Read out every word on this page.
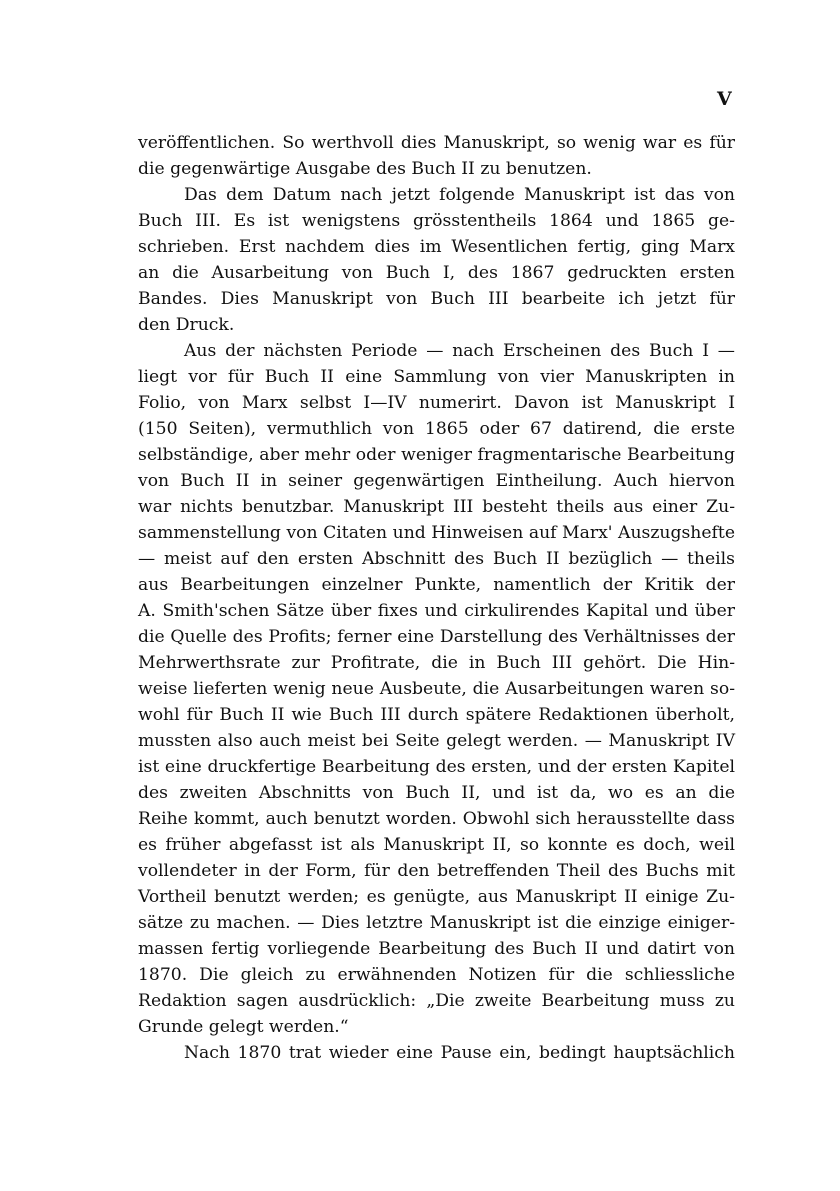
V
veröffentlichen. So werthvoll dies Manuskript, so wenig war es für
die gegenwärtige Ausgabe des Buch II zu benutzen.
Das dem Datum nach jetzt folgende Manuskript ist das von
Buch III. Es ist wenigstens grösstentheils 1864 und 1865 ge-
schrieben. Erst nachdem dies im Wesentlichen fertig, ging Marx
an die Ausarbeitung von Buch I, des 1867 gedruckten ersten
Bandes. Dies Manuskript von Buch III bearbeite ich jetzt für
den Druck.
Aus der nächsten Periode — nach Erscheinen des Buch I —
liegt vor für Buch II eine Sammlung von vier Manuskripten in
Folio, von Marx selbst I—IV numerirt. Davon ist Manuskript I
(150 Seiten), vermuthlich von 1865 oder 67 datirend, die erste
selbständige, aber mehr oder weniger fragmentarische Bearbeitung
von Buch II in seiner gegenwärtigen Eintheilung. Auch hiervon
war nichts benutzbar. Manuskript III besteht theils aus einer Zu-
sammenstellung von Citaten und Hinweisen auf Marx' Auszugshefte
— meist auf den ersten Abschnitt des Buch II bezüglich — theils
aus Bearbeitungen einzelner Punkte, namentlich der Kritik der
A. Smith'schen Sätze über fixes und cirkulirendes Kapital und über
die Quelle des Profits; ferner eine Darstellung des Verhältnisses der
Mehrwerthsrate zur Profitrate, die in Buch III gehört. Die Hin-
weise lieferten wenig neue Ausbeute, die Ausarbeitungen waren so-
wohl für Buch II wie Buch III durch spätere Redaktionen überholt,
mussten also auch meist bei Seite gelegt werden. — Manuskript IV
ist eine druckfertige Bearbeitung des ersten, und der ersten Kapitel
des zweiten Abschnitts von Buch II, und ist da, wo es an die
Reihe kommt, auch benutzt worden. Obwohl sich herausstellte dass
es früher abgefasst ist als Manuskript II, so konnte es doch, weil
vollendeter in der Form, für den betreffenden Theil des Buchs mit
Vortheil benutzt werden; es genügte, aus Manuskript II einige Zu-
sätze zu machen. — Dies letztre Manuskript ist die einzige einiger-
massen fertig vorliegende Bearbeitung des Buch II und datirt von
1870. Die gleich zu erwähnenden Notizen für die schliessliche
Redaktion sagen ausdrücklich: „Die zweite Bearbeitung muss zu
Grunde gelegt werden.“
Nach 1870 trat wieder eine Pause ein, bedingt hauptsächlich
